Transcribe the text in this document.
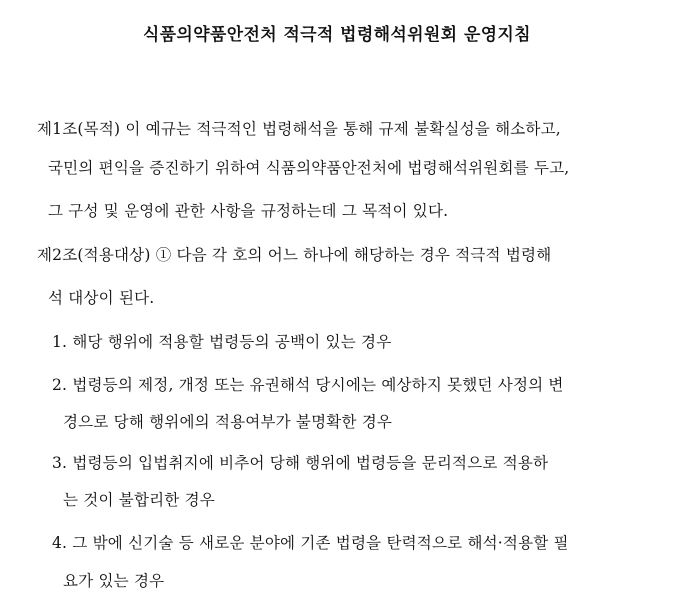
식품의약품안전처 적극적 법령해석위원회 운영지침
제1조(목적) 이 예규는 적극적인 법령해석을 통해 규제 불확실성을 해소하고,
국민의 편익을 증진하기 위하여 식품의약품안전처에 법령해석위원회를 두고,
그 구성 및 운영에 관한 사항을 규정하는데 그 목적이 있다.
제2조(적용대상) ① 다음 각 호의 어느 하나에 해당하는 경우 적극적 법령해
석 대상이 된다.
1. 해당 행위에 적용할 법령등의 공백이 있는 경우
2. 법령등의 제정, 개정 또는 유권해석 당시에는 예상하지 못했던 사정의 변
경으로 당해 행위에의 적용여부가 불명확한 경우
3. 법령등의 입법취지에 비추어 당해 행위에 법령등을 문리적으로 적용하
는 것이 불합리한 경우
4. 그 밖에 신기술 등 새로운 분야에 기존 법령을 탄력적으로 해석·적용할 필
요가 있는 경우
